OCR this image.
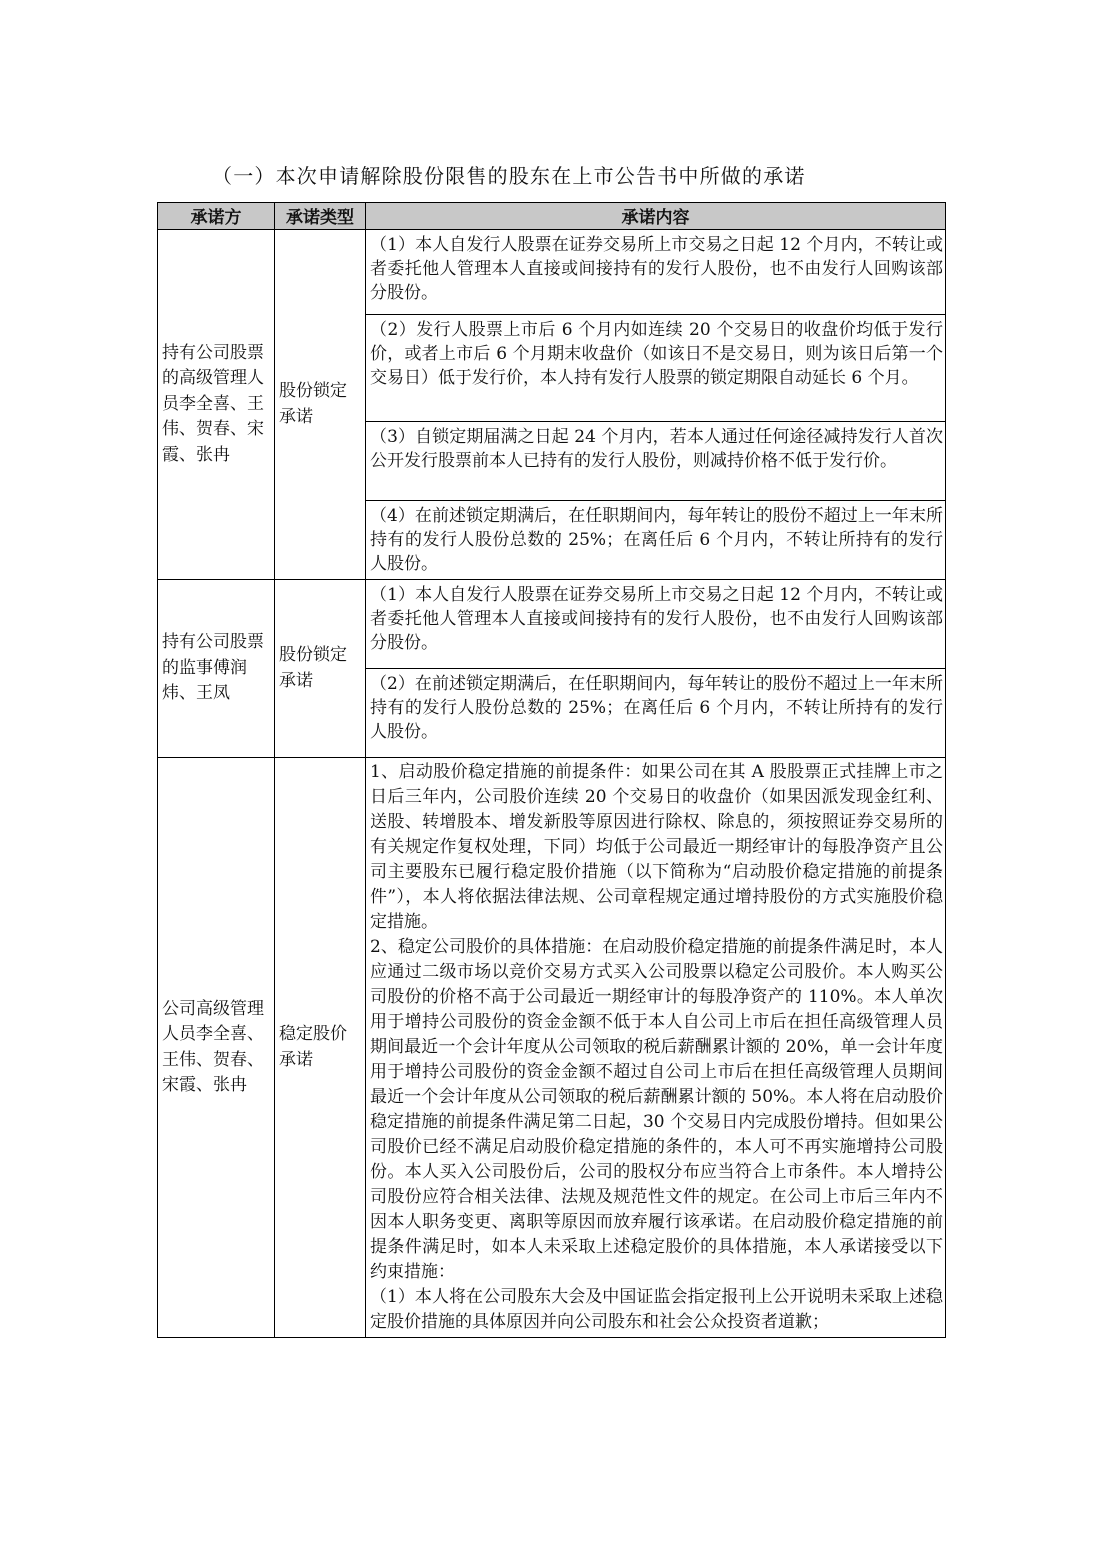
（一）本次申请解除股份限售的股东在上市公告书中所做的承诺
承诺方	承诺类型	承诺内容
持有公司股票的高级管理人员李全喜、王伟、贺春、宋霞、张冉	股份锁定承诺	（1）本人自发行人股票在证券交易所上市交易之日起 12 个月内，不转让或者委托他人管理本人直接或间接持有的发行人股份，也不由发行人回购该部分股份。
		（2）发行人股票上市后 6 个月内如连续 20 个交易日的收盘价均低于发行价，或者上市后 6 个月期末收盘价（如该日不是交易日，则为该日后第一个交易日）低于发行价，本人持有发行人股票的锁定期限自动延长 6 个月。
		（3）自锁定期届满之日起 24 个月内，若本人通过任何途径减持发行人首次公开发行股票前本人已持有的发行人股份，则减持价格不低于发行价。
		（4）在前述锁定期满后，在任职期间内，每年转让的股份不超过上一年末所持有的发行人股份总数的 25%；在离任后 6 个月内，不转让所持有的发行人股份。
持有公司股票的监事傅润炜、王凤	股份锁定承诺	（1）本人自发行人股票在证券交易所上市交易之日起 12 个月内，不转让或者委托他人管理本人直接或间接持有的发行人股份，也不由发行人回购该部分股份。
		（2）在前述锁定期满后，在任职期间内，每年转让的股份不超过上一年末所持有的发行人股份总数的 25%；在离任后 6 个月内，不转让所持有的发行人股份。
公司高级管理人员李全喜、王伟、贺春、宋霞、张冉	稳定股价承诺	1、启动股价稳定措施的前提条件：如果公司在其 A 股股票正式挂牌上市之日后三年内，公司股价连续 20 个交易日的收盘价（如果因派发现金红利、送股、转增股本、增发新股等原因进行除权、除息的，须按照证券交易所的有关规定作复权处理，下同）均低于公司最近一期经审计的每股净资产且公司主要股东已履行稳定股价措施（以下简称为“启动股价稳定措施的前提条件”），本人将依据法律法规、公司章程规定通过增持股份的方式实施股价稳定措施。

2、稳定公司股价的具体措施：在启动股价稳定措施的前提条件满足时，本人应通过二级市场以竞价交易方式买入公司股票以稳定公司股价。本人购买公司股份的价格不高于公司最近一期经审计的每股净资产的 110%。本人单次用于增持公司股份的资金金额不低于本人自公司上市后在担任高级管理人员期间最近一个会计年度从公司领取的税后薪酬累计额的 20%，单一会计年度用于增持公司股份的资金金额不超过自公司上市后在担任高级管理人员期间最近一个会计年度从公司领取的税后薪酬累计额的 50%。本人将在启动股价稳定措施的前提条件满足第二日起，30 个交易日内完成股份增持。但如果公司股价已经不满足启动股价稳定措施的条件的，本人可不再实施增持公司股份。本人买入公司股份后，公司的股权分布应当符合上市条件。本人增持公司股份应符合相关法律、法规及规范性文件的规定。在公司上市后三年内不因本人职务变更、离职等原因而放弃履行该承诺。在启动股价稳定措施的前提条件满足时，如本人未采取上述稳定股价的具体措施，本人承诺接受以下约束措施：

（1）本人将在公司股东大会及中国证监会指定报刊上公开说明未采取上述稳定股价措施的具体原因并向公司股东和社会公众投资者道歉；
